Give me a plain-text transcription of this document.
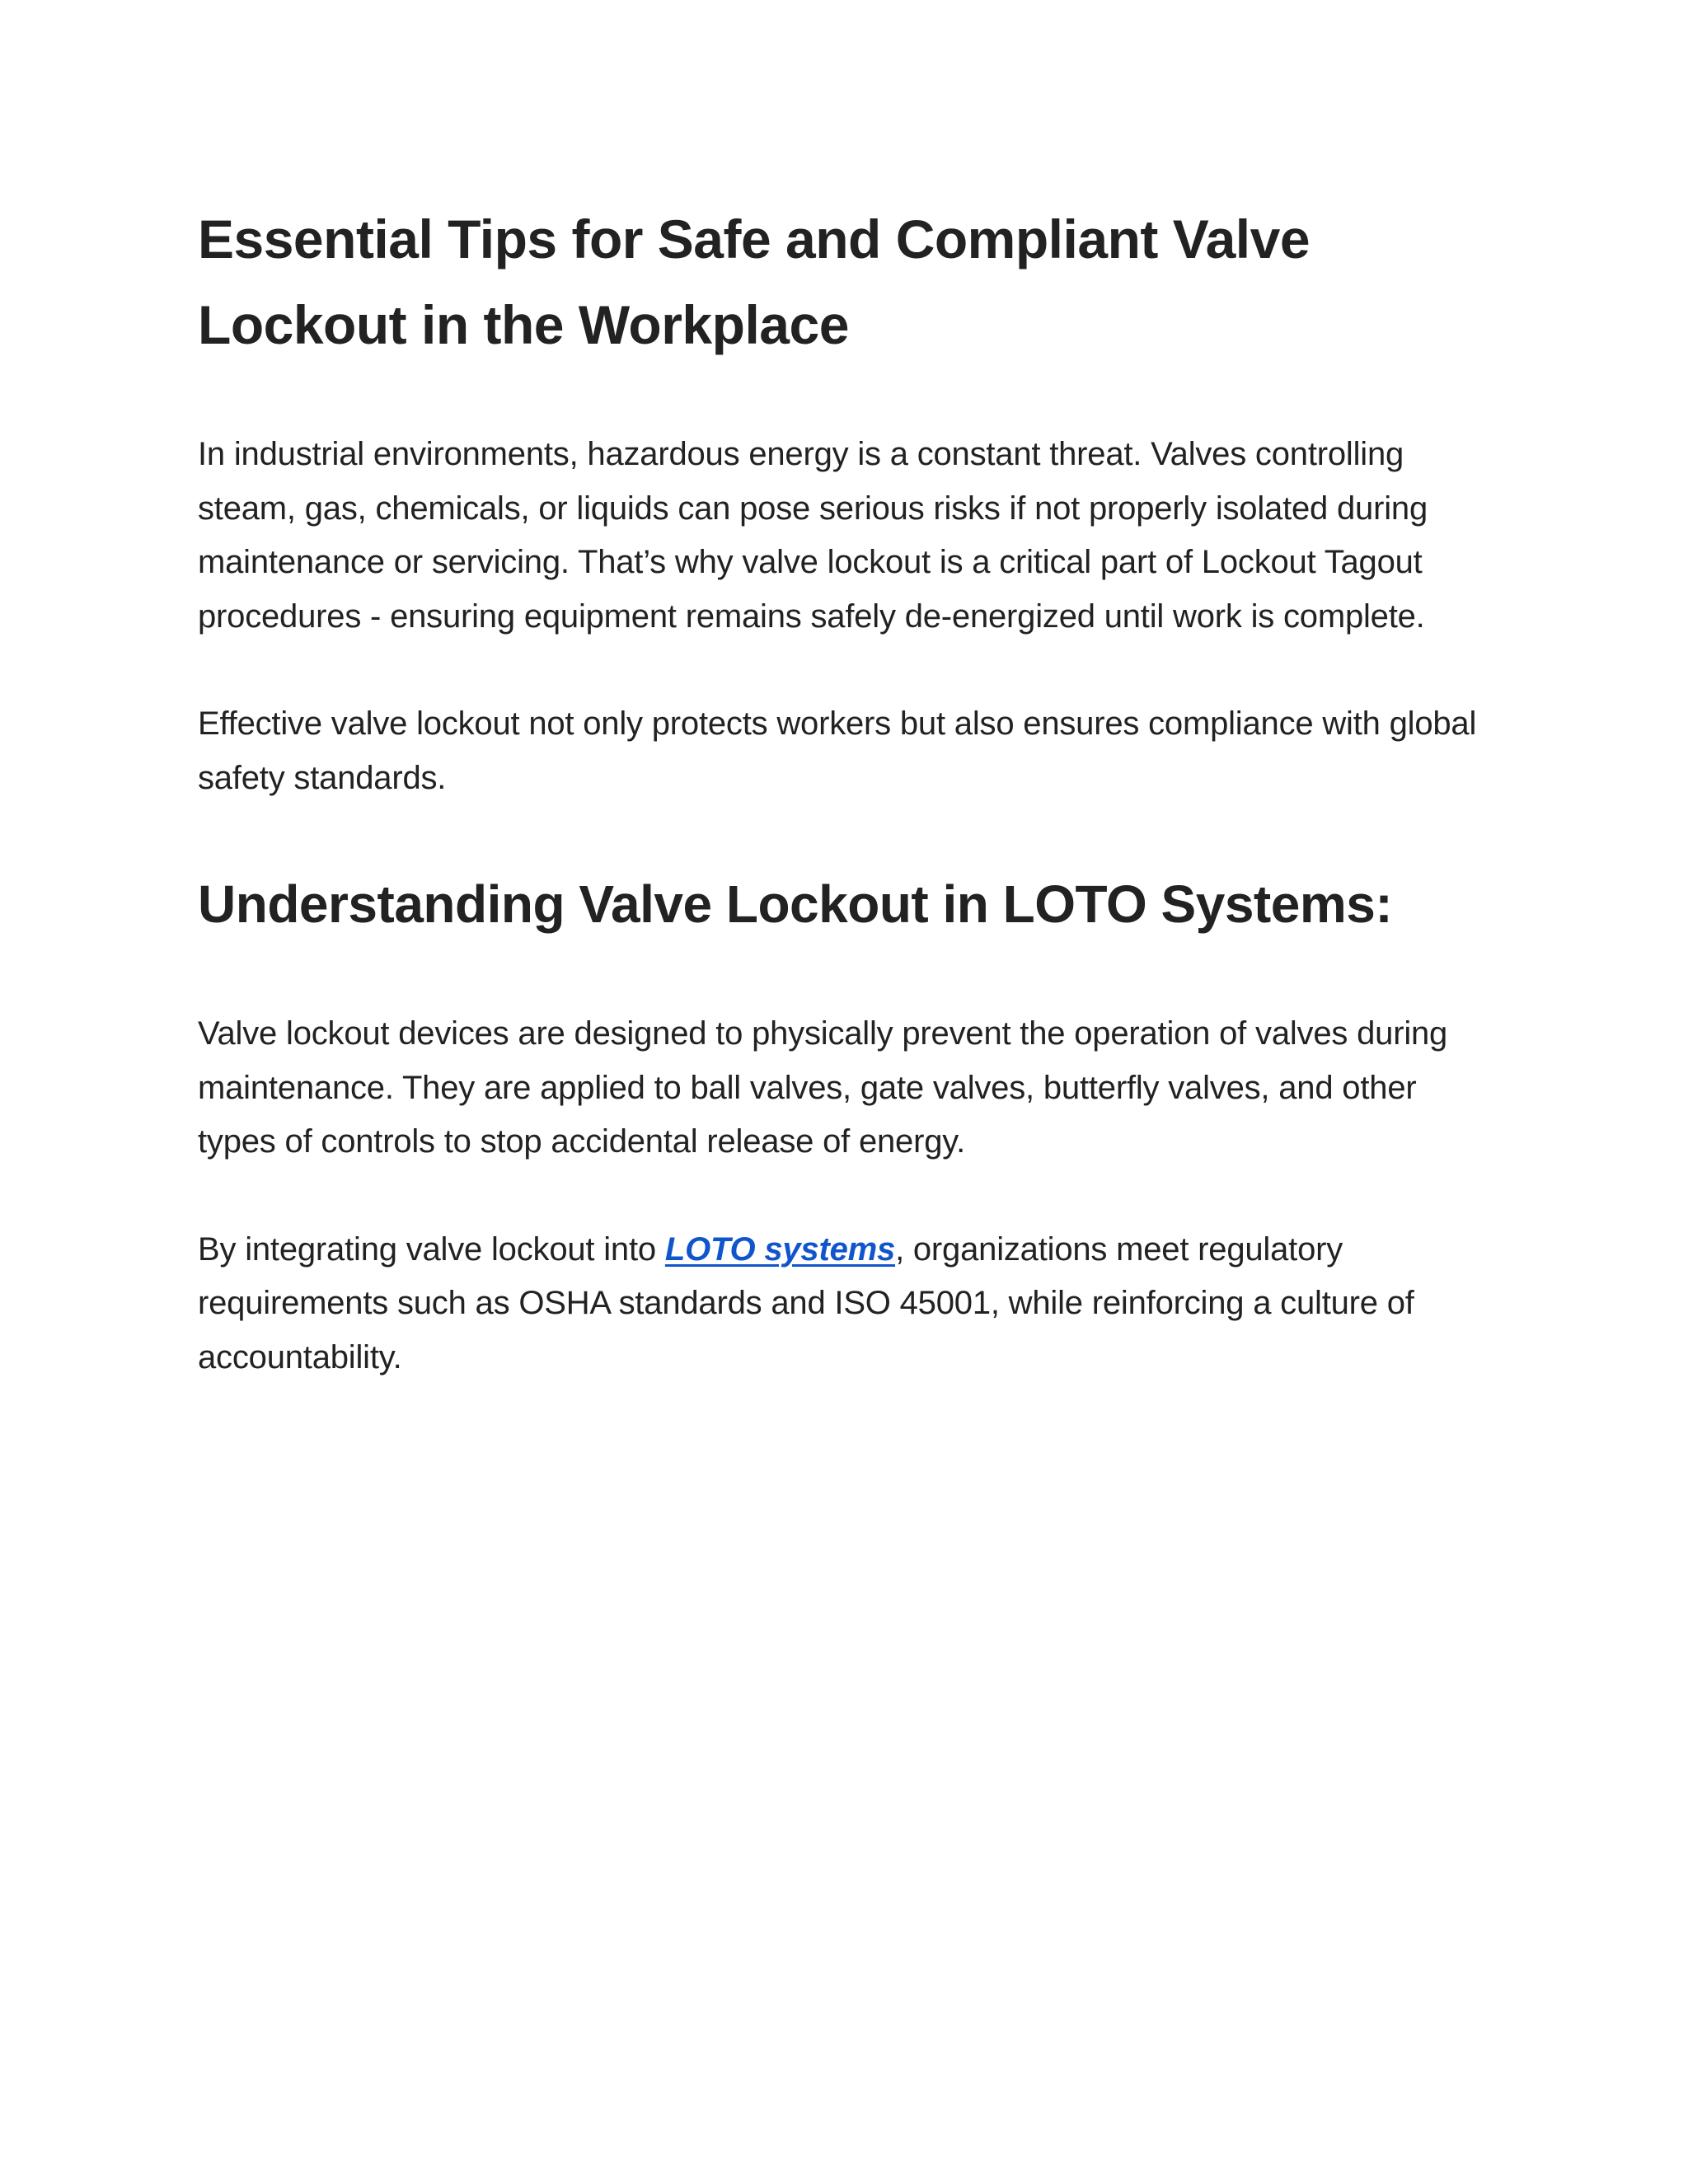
Essential Tips for Safe and Compliant Valve Lockout in the Workplace

In industrial environments, hazardous energy is a constant threat. Valves controlling steam, gas, chemicals, or liquids can pose serious risks if not properly isolated during maintenance or servicing. That’s why valve lockout is a critical part of Lockout Tagout procedures - ensuring equipment remains safely de-energized until work is complete.

Effective valve lockout not only protects workers but also ensures compliance with global safety standards.

Understanding Valve Lockout in LOTO Systems:

Valve lockout devices are designed to physically prevent the operation of valves during maintenance. They are applied to ball valves, gate valves, butterfly valves, and other types of controls to stop accidental release of energy.

By integrating valve lockout into LOTO systems, organizations meet regulatory requirements such as OSHA standards and ISO 45001, while reinforcing a culture of accountability.
